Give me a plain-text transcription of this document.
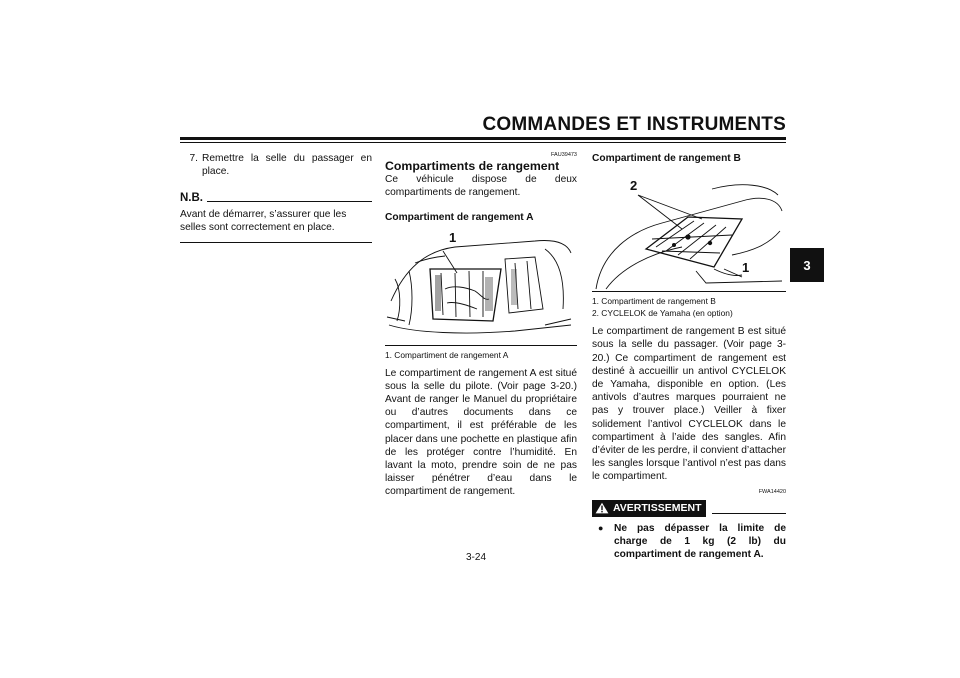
COMMANDES ET INSTRUMENTS
3
7. Remettre la selle du passager en place.
N.B.
Avant de démarrer, s’assurer que les selles sont correctement en place.
FAU39473
Compartiments de rangement
Ce véhicule dispose de deux compartiments de rangement.
Compartiment de rangement A
1
1. Compartiment de rangement A
Le compartiment de rangement A est situé sous la selle du pilote. (Voir page 3-20.) Avant de ranger le Manuel du propriétaire ou d’autres documents dans ce compartiment, il est préférable de les placer dans une pochette en plastique afin de les protéger contre l’humidité. En lavant la moto, prendre soin de ne pas laisser pénétrer d’eau dans le compartiment de rangement.
Compartiment de rangement B
2
1
1. Compartiment de rangement B
2. CYCLELOK de Yamaha (en option)
Le compartiment de rangement B est situé sous la selle du passager. (Voir page 3-20.) Ce compartiment de rangement est destiné à accueillir un antivol CYCLELOK de Yamaha, disponible en option. (Les antivols d’autres marques pourraient ne pas y trouver place.) Veiller à fixer solidement l’antivol CYCLELOK dans le compartiment à l’aide des sangles. Afin d’éviter de les perdre, il convient d’attacher les sangles lorsque l’antivol n’est pas dans le compartiment.
FWA14420
AVERTISSEMENT
●	Ne pas dépasser la limite de charge de 1 kg (2 lb) du compartiment de rangement A.
3-24
